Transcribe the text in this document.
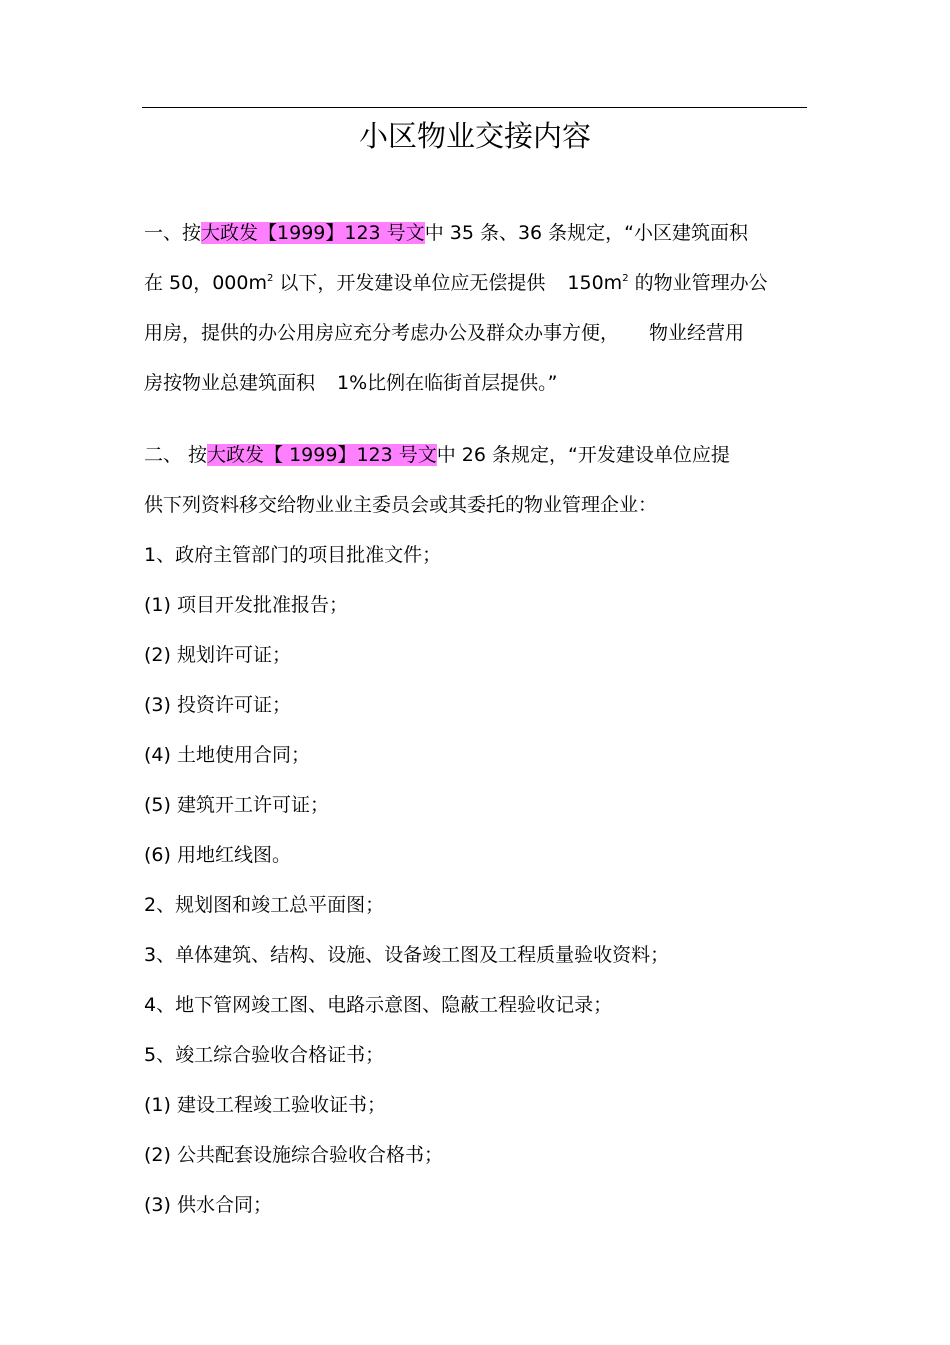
小区物业交接内容

一、按大政发【1999】123 号文中 35 条、36 条规定，“小区建筑面积

在 50，$000m^2$ 以下，开发建设单位应无偿提供 $150m^2$ 的物业管理办公

用房，提供的办公用房应充分考虑办公及群众办事方便， 物业经营用

房按物业总建筑面积 1%比例在临街首层提供。”

二、 按大政发【 1999】123 号文中 26 条规定，“开发建设单位应提

供下列资料移交给物业业主委员会或其委托的物业管理企业：

1、政府主管部门的项目批准文件；

(1) 项目开发批准报告；

(2) 规划许可证；

(3) 投资许可证；

(4) 土地使用合同；

(5) 建筑开工许可证；

(6) 用地红线图。

2、规划图和竣工总平面图；

3、单体建筑、结构、设施、设备竣工图及工程质量验收资料；

4、地下管网竣工图、电路示意图、隐蔽工程验收记录；

5、竣工综合验收合格证书；

(1) 建设工程竣工验收证书；

(2) 公共配套设施综合验收合格书；

(3) 供水合同；
